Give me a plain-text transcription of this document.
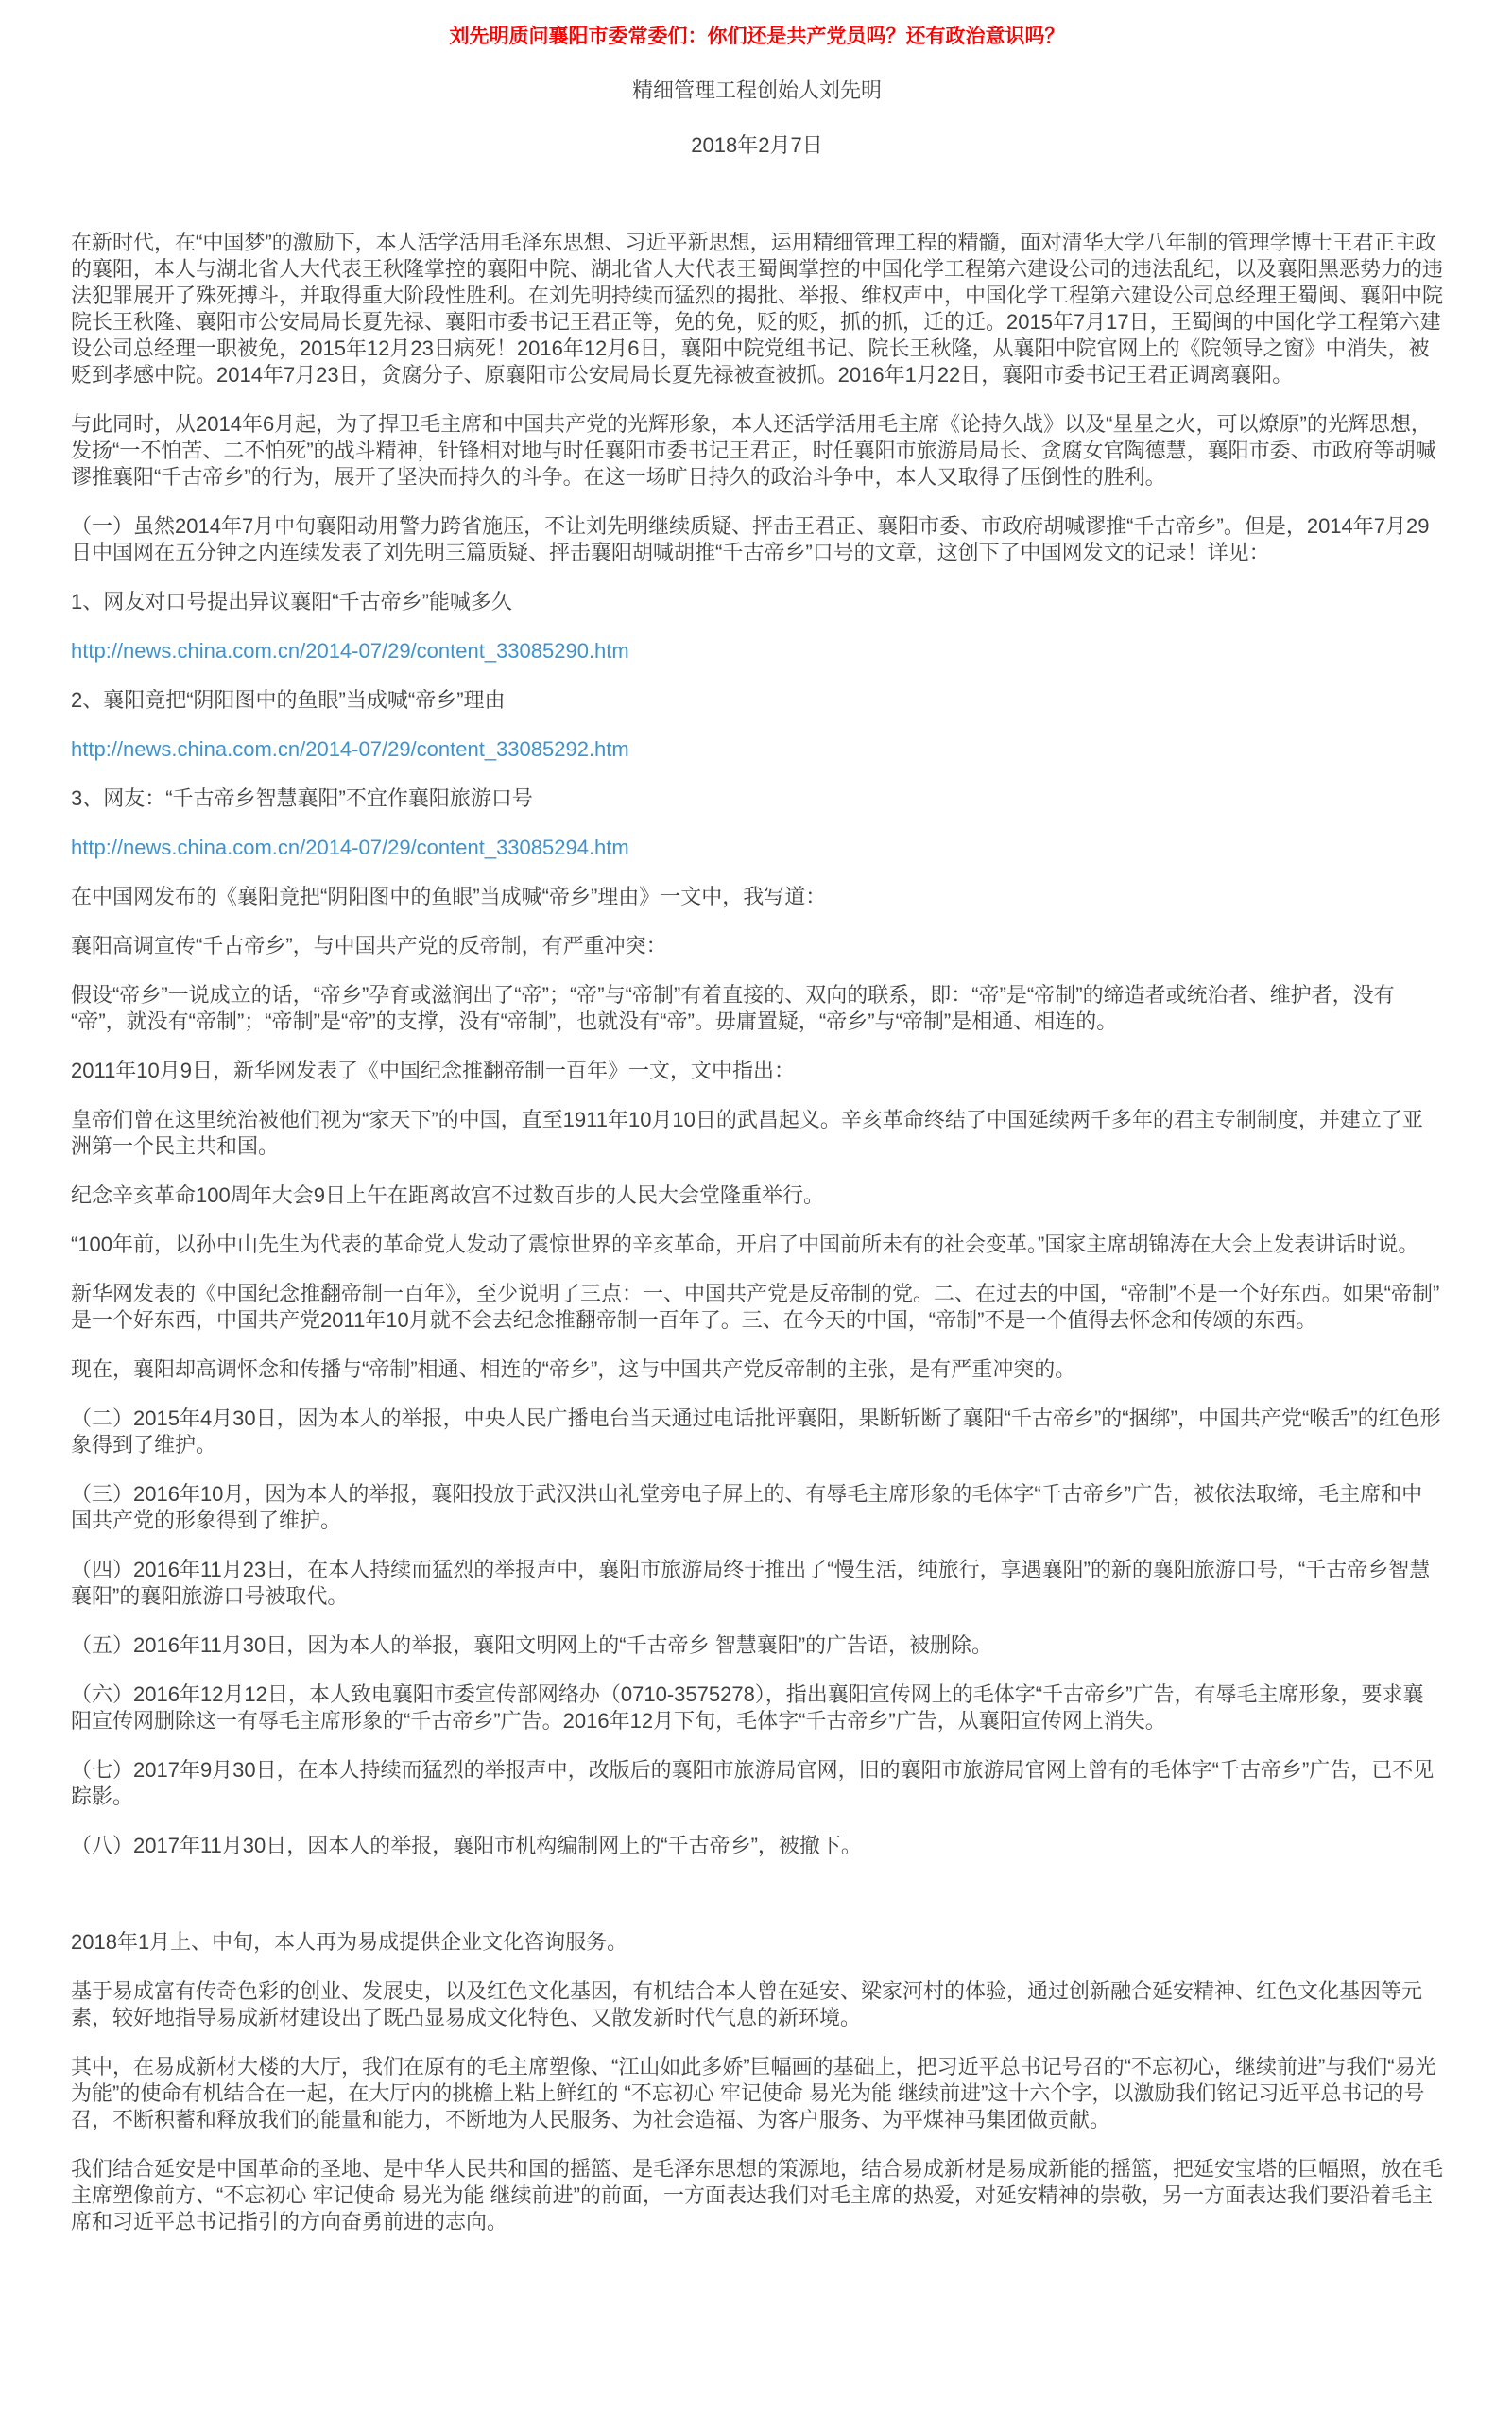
刘先明质问襄阳市委常委们：你们还是共产党员吗？还有政治意识吗？

精细管理工程创始人刘先明

2018年2月7日

在新时代，在“中国梦”的激励下，本人活学活用毛泽东思想、习近平新思想，运用精细管理工程的精髓，面对清华大学八年制的管理学博士王君正主政的襄阳，本人与湖北省人大代表王秋隆掌控的襄阳中院、湖北省人大代表王蜀闽掌控的中国化学工程第六建设公司的违法乱纪，以及襄阳黑恶势力的违法犯罪展开了殊死搏斗，并取得重大阶段性胜利。在刘先明持续而猛烈的揭批、举报、维权声中，中国化学工程第六建设公司总经理王蜀闽、襄阳中院院长王秋隆、襄阳市公安局局长夏先禄、襄阳市委书记王君正等，免的免，贬的贬，抓的抓，迁的迁。2015年7月17日，王蜀闽的中国化学工程第六建设公司总经理一职被免，2015年12月23日病死！2016年12月6日，襄阳中院党组书记、院长王秋隆，从襄阳中院官网上的《院领导之窗》中消失，被贬到孝感中院。2014年7月23日，贪腐分子、原襄阳市公安局局长夏先禄被查被抓。2016年1月22日，襄阳市委书记王君正调离襄阳。

与此同时，从2014年6月起，为了捍卫毛主席和中国共产党的光辉形象，本人还活学活用毛主席《论持久战》以及“星星之火，可以燎原”的光辉思想，发扬“一不怕苦、二不怕死”的战斗精神，针锋相对地与时任襄阳市委书记王君正，时任襄阳市旅游局局长、贪腐女官陶德慧，襄阳市委、市政府等胡喊谬推襄阳“千古帝乡”的行为，展开了坚决而持久的斗争。在这一场旷日持久的政治斗争中，本人又取得了压倒性的胜利。

（一）虽然2014年7月中旬襄阳动用警力跨省施压，不让刘先明继续质疑、抨击王君正、襄阳市委、市政府胡喊谬推“千古帝乡”。但是，2014年7月29日中国网在五分钟之内连续发表了刘先明三篇质疑、抨击襄阳胡喊胡推“千古帝乡”口号的文章，这创下了中国网发文的记录！详见：

1、网友对口号提出异议襄阳“千古帝乡”能喊多久

http://news.china.com.cn/2014-07/29/content_33085290.htm

2、襄阳竟把“阴阳图中的鱼眼”当成喊“帝乡”理由

http://news.china.com.cn/2014-07/29/content_33085292.htm

3、网友：“千古帝乡智慧襄阳”不宜作襄阳旅游口号

http://news.china.com.cn/2014-07/29/content_33085294.htm

在中国网发布的《襄阳竟把“阴阳图中的鱼眼”当成喊“帝乡”理由》一文中，我写道：

襄阳高调宣传“千古帝乡”，与中国共产党的反帝制，有严重冲突：

假设“帝乡”一说成立的话，“帝乡”孕育或滋润出了“帝”；“帝”与“帝制”有着直接的、双向的联系，即：“帝”是“帝制”的缔造者或统治者、维护者，没有“帝”，就没有“帝制”；“帝制”是“帝”的支撑，没有“帝制”，也就没有“帝”。毋庸置疑，“帝乡”与“帝制”是相通、相连的。

2011年10月9日，新华网发表了《中国纪念推翻帝制一百年》一文，文中指出：

皇帝们曾在这里统治被他们视为“家天下”的中国，直至1911年10月10日的武昌起义。辛亥革命终结了中国延续两千多年的君主专制制度，并建立了亚洲第一个民主共和国。

纪念辛亥革命100周年大会9日上午在距离故宫不过数百步的人民大会堂隆重举行。

“100年前，以孙中山先生为代表的革命党人发动了震惊世界的辛亥革命，开启了中国前所未有的社会变革。”国家主席胡锦涛在大会上发表讲话时说。

新华网发表的《中国纪念推翻帝制一百年》，至少说明了三点：一、中国共产党是反帝制的党。二、在过去的中国，“帝制”不是一个好东西。如果“帝制”是一个好东西，中国共产党2011年10月就不会去纪念推翻帝制一百年了。三、在今天的中国，“帝制”不是一个值得去怀念和传颂的东西。

现在，襄阳却高调怀念和传播与“帝制”相通、相连的“帝乡”，这与中国共产党反帝制的主张，是有严重冲突的。

（二）2015年4月30日，因为本人的举报，中央人民广播电台当天通过电话批评襄阳，果断斩断了襄阳“千古帝乡”的“捆绑”，中国共产党“喉舌”的红色形象得到了维护。

（三）2016年10月，因为本人的举报，襄阳投放于武汉洪山礼堂旁电子屏上的、有辱毛主席形象的毛体字“千古帝乡”广告，被依法取缔，毛主席和中国共产党的形象得到了维护。

（四）2016年11月23日，在本人持续而猛烈的举报声中，襄阳市旅游局终于推出了“慢生活，纯旅行，享遇襄阳”的新的襄阳旅游口号，“千古帝乡智慧襄阳”的襄阳旅游口号被取代。

（五）2016年11月30日，因为本人的举报，襄阳文明网上的“千古帝乡 智慧襄阳”的广告语，被删除。

（六）2016年12月12日，本人致电襄阳市委宣传部网络办（0710-3575278），指出襄阳宣传网上的毛体字“千古帝乡”广告，有辱毛主席形象，要求襄阳宣传网删除这一有辱毛主席形象的“千古帝乡”广告。2016年12月下旬，毛体字“千古帝乡”广告，从襄阳宣传网上消失。

（七）2017年9月30日，在本人持续而猛烈的举报声中，改版后的襄阳市旅游局官网，旧的襄阳市旅游局官网上曾有的毛体字“千古帝乡”广告，已不见踪影。

（八）2017年11月30日，因本人的举报，襄阳市机构编制网上的“千古帝乡”，被撤下。

2018年1月上、中旬，本人再为易成提供企业文化咨询服务。

基于易成富有传奇色彩的创业、发展史，以及红色文化基因，有机结合本人曾在延安、梁家河村的体验，通过创新融合延安精神、红色文化基因等元素，较好地指导易成新材建设出了既凸显易成文化特色、又散发新时代气息的新环境。

其中，在易成新材大楼的大厅，我们在原有的毛主席塑像、“江山如此多娇”巨幅画的基础上，把习近平总书记号召的“不忘初心，继续前进”与我们“易光为能”的使命有机结合在一起，在大厅内的挑檐上粘上鲜红的 “不忘初心 牢记使命 易光为能 继续前进”这十六个字，以激励我们铭记习近平总书记的号召，不断积蓄和释放我们的能量和能力，不断地为人民服务、为社会造福、为客户服务、为平煤神马集团做贡献。

我们结合延安是中国革命的圣地、是中华人民共和国的摇篮、是毛泽东思想的策源地，结合易成新材是易成新能的摇篮，把延安宝塔的巨幅照，放在毛主席塑像前方、“不忘初心 牢记使命 易光为能 继续前进”的前面，一方面表达我们对毛主席的热爱，对延安精神的崇敬，另一方面表达我们要沿着毛主席和习近平总书记指引的方向奋勇前进的志向。
